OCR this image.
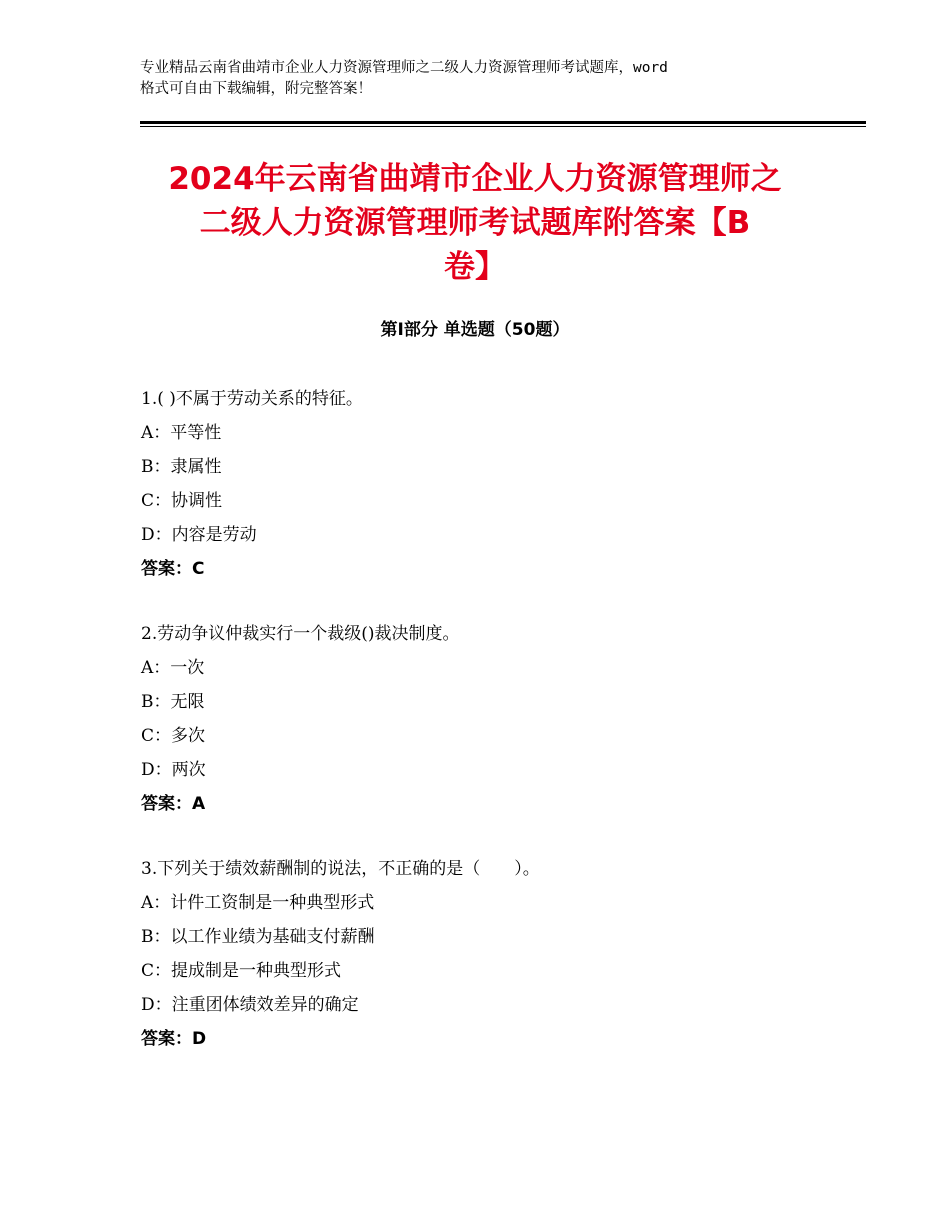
专业精品云南省曲靖市企业人力资源管理师之二级人力资源管理师考试题库，word
格式可自由下载编辑，附完整答案！
2024年云南省曲靖市企业人力资源管理师之
二级人力资源管理师考试题库附答案【B
卷】
第Ⅰ部分 单选题（50题）
1.( )不属于劳动关系的特征。
A：平等性
B：隶属性
C：协调性
D：内容是劳动
答案：C
2.劳动争议仲裁实行一个裁级()裁决制度。
A：一次
B：无限
C：多次
D：两次
答案：A
3.下列关于绩效薪酬制的说法，不正确的是（　　）。
A：计件工资制是一种典型形式
B：以工作业绩为基础支付薪酬
C：提成制是一种典型形式
D：注重团体绩效差异的确定
答案：D
